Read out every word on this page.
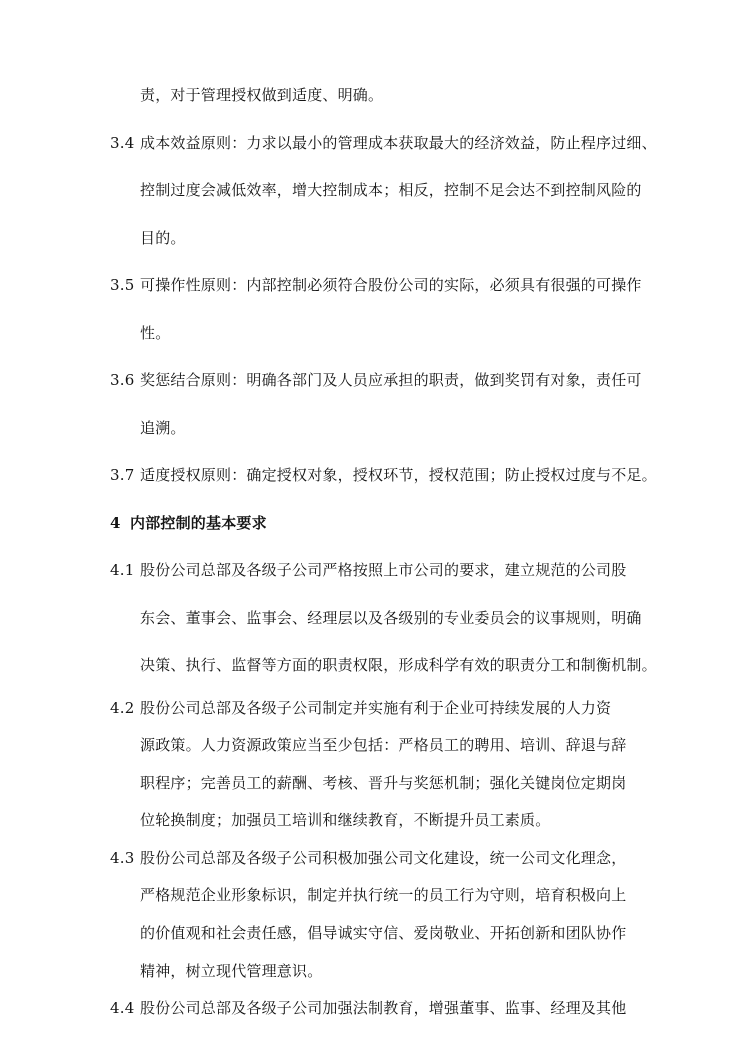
责，对于管理授权做到适度、明确。
3.4 成本效益原则：力求以最小的管理成本获取最大的经济效益，防止程序过细、
控制过度会减低效率，增大控制成本；相反，控制不足会达不到控制风险的
目的。
3.5 可操作性原则：内部控制必须符合股份公司的实际，必须具有很强的可操作
性。
3.6 奖惩结合原则：明确各部门及人员应承担的职责，做到奖罚有对象，责任可
追溯。
3.7 适度授权原则：确定授权对象，授权环节，授权范围；防止授权过度与不足。
4 内部控制的基本要求
4.1 股份公司总部及各级子公司严格按照上市公司的要求，建立规范的公司股
东会、董事会、监事会、经理层以及各级别的专业委员会的议事规则，明确
决策、执行、监督等方面的职责权限，形成科学有效的职责分工和制衡机制。
4.2 股份公司总部及各级子公司制定并实施有利于企业可持续发展的人力资
源政策。人力资源政策应当至少包括：严格员工的聘用、培训、辞退与辞
职程序；完善员工的薪酬、考核、晋升与奖惩机制；强化关键岗位定期岗
位轮换制度；加强员工培训和继续教育，不断提升员工素质。
4.3 股份公司总部及各级子公司积极加强公司文化建设，统一公司文化理念，
严格规范企业形象标识，制定并执行统一的员工行为守则，培育积极向上
的价值观和社会责任感，倡导诚实守信、爱岗敬业、开拓创新和团队协作
精神，树立现代管理意识。
4.4 股份公司总部及各级子公司加强法制教育，增强董事、监事、经理及其他
